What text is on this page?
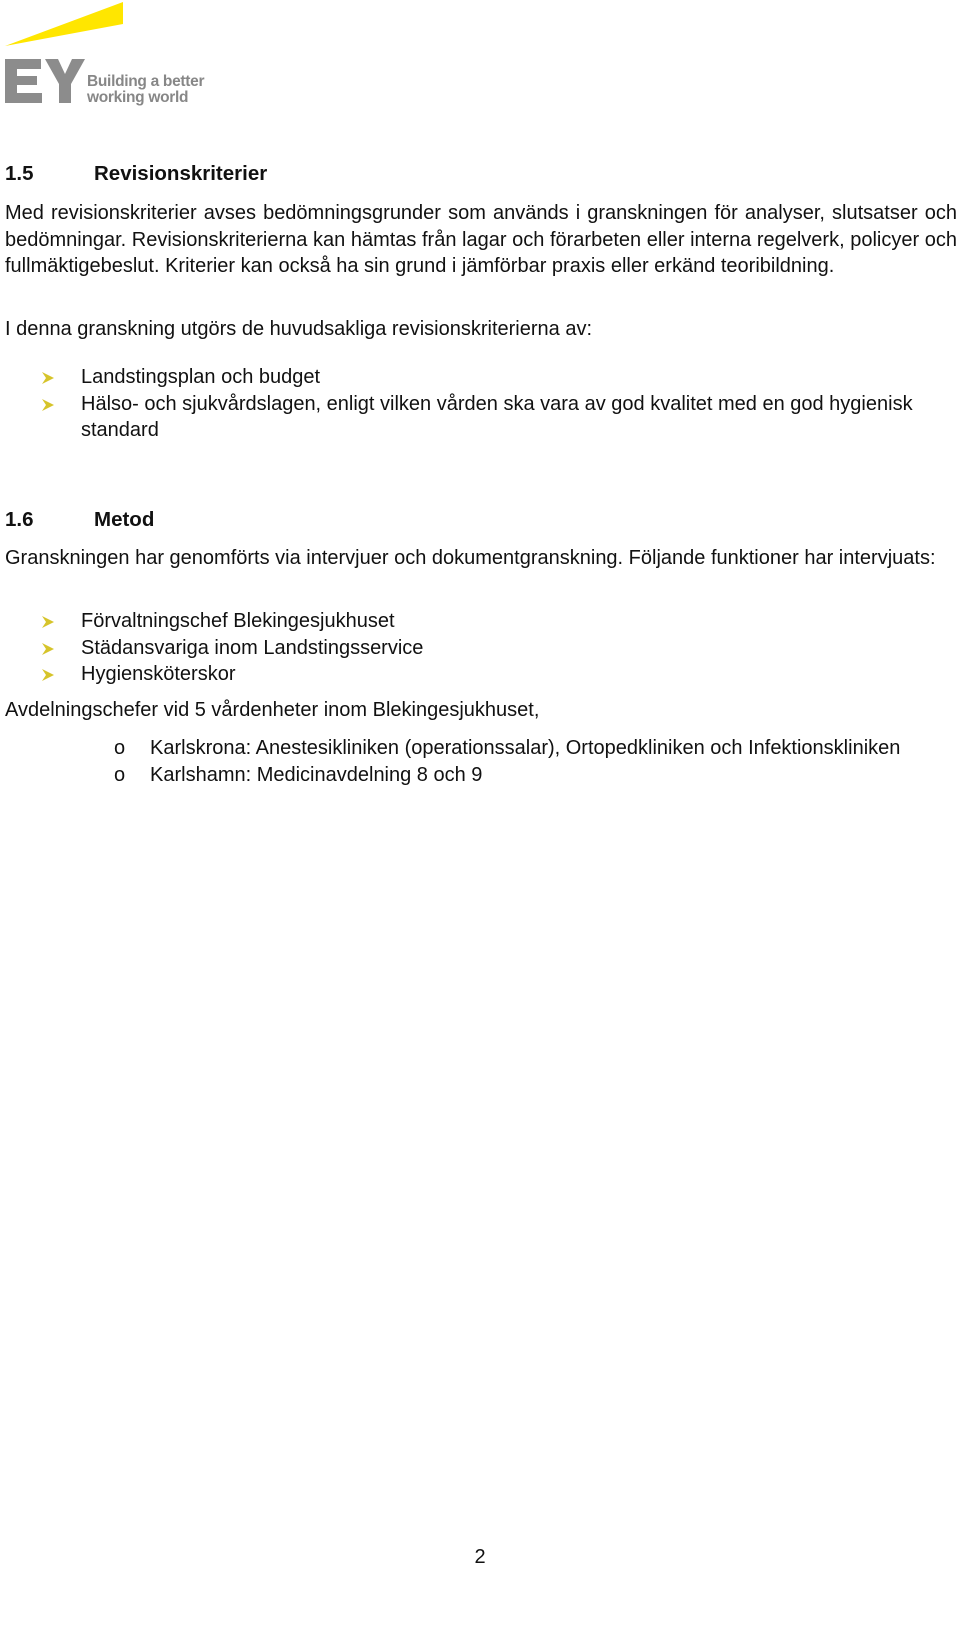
Building a better
working world
1.5	Revisionskriterier

Med revisionskriterier avses bedömningsgrunder som används i granskningen för analyser, slutsatser och bedömningar. Revisionskriterierna kan hämtas från lagar och förarbeten eller interna regelverk, policyer och fullmäktigebeslut. Kriterier kan också ha sin grund i jämförbar praxis eller erkänd teoribildning.

I denna granskning utgörs de huvudsakliga revisionskriterierna av:

Landstingsplan och budget
Hälso- och sjukvårdslagen, enligt vilken vården ska vara av god kvalitet med en god hygienisk standard
1.6	Metod

Granskningen har genomförts via intervjuer och dokumentgranskning. Följande funktioner har intervjuats:

Förvaltningschef Blekingesjukhuset
Städansvariga inom Landstingsservice
Hygiensköterskor

Avdelningschefer vid 5 vårdenheter inom Blekingesjukhuset,

o Karlskrona: Anestesikliniken (operationssalar), Ortopedkliniken och Infektionskliniken
o Karlshamn: Medicinavdelning 8 och 9
2
